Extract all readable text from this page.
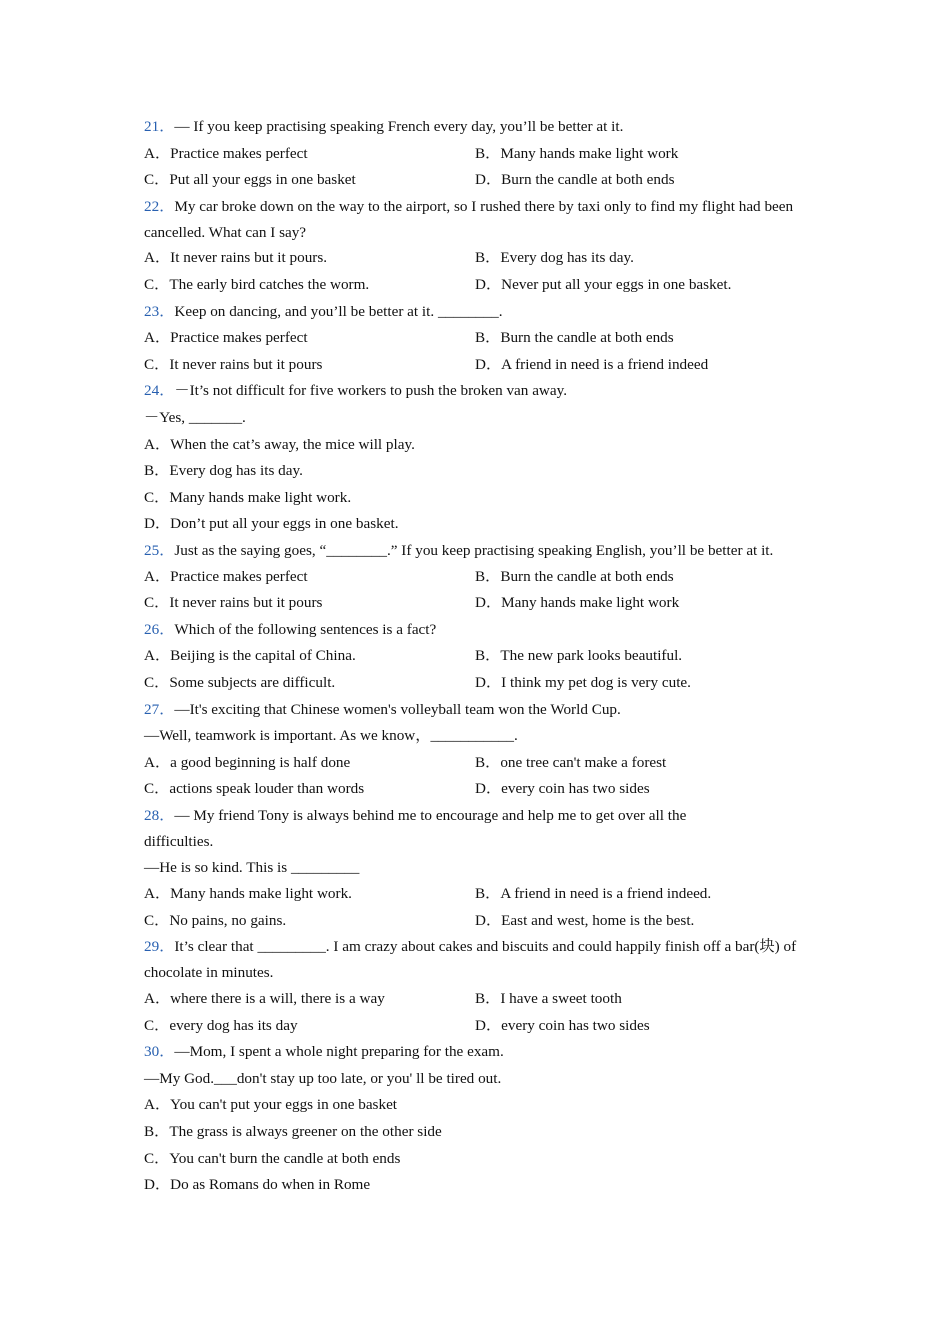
21．— If you keep practising speaking French every day, you’ll be better at it.
A．Practice makes perfect	B．Many hands make light work
C．Put all your eggs in one basket	D．Burn the candle at both ends
22．My car broke down on the way to the airport, so I rushed there by taxi only to find my flight had been cancelled. What can I say?
A．It never rains but it pours.	B．Every dog has its day.
C．The early bird catches the worm.	D．Never put all your eggs in one basket.
23．Keep on dancing, and you’ll be better at it. ________.
A．Practice makes perfect	B．Burn the candle at both ends
C．It never rains but it pours	D．A friend in need is a friend indeed
24．－It’s not difficult for five workers to push the broken van away.
－Yes, _______.
A．When the cat’s away, the mice will play.
B．Every dog has its day.
C．Many hands make light work.
D．Don’t put all your eggs in one basket.
25．Just as the saying goes, “________.” If you keep practising speaking English, you’ll be better at it.
A．Practice makes perfect	B．Burn the candle at both ends
C．It never rains but it pours	D．Many hands make light work
26．Which of the following sentences is a fact?
A．Beijing is the capital of China.	B．The new park looks beautiful.
C．Some subjects are difficult.	D．I think my pet dog is very cute.
27．—It's exciting that Chinese women's volleyball team won the World Cup.
—Well, teamwork is important. As we know，___________.
A．a good beginning is half done	B．one tree can't make a forest
C．actions speak louder than words	D．every coin has two sides
28．— My friend Tony is always behind me to encourage and help me to get over all the difficulties.
—He is so kind. This is _________
A．Many hands make light work.	B．A friend in need is a friend indeed.
C．No pains, no gains.	D．East and west, home is the best.
29．It’s clear that _________. I am crazy about cakes and biscuits and could happily finish off a bar(块) of chocolate in minutes.
A．where there is a will, there is a way	B．I have a sweet tooth
C．every dog has its day	D．every coin has two sides
30．—Mom, I spent a whole night preparing for the exam.
—My God.___don't stay up too late, or you' ll be tired out.
A．You can't put your eggs in one basket
B．The grass is always greener on the other side
C．You can't burn the candle at both ends
D．Do as Romans do when in Rome
